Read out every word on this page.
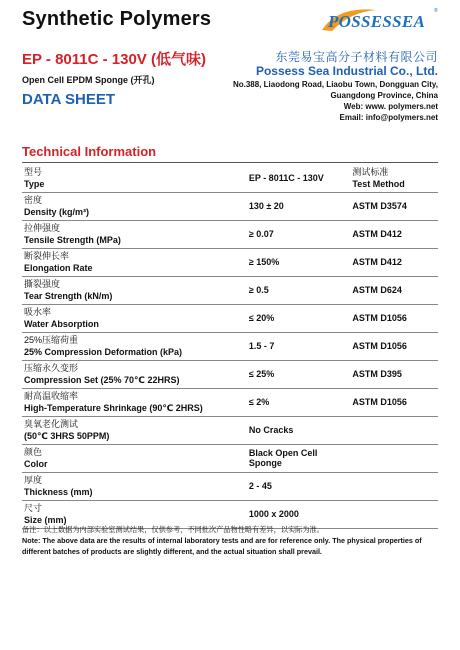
Synthetic Polymers	POSSESSEA
®
EP - 8011C - 130V (低气味)
Open Cell EPDM Sponge (开孔)
DATA SHEET
东莞易宝高分子材料有限公司
Possess Sea Industrial Co., Ltd.
No.388, Liaodong Road, Liaobu Town, Dongguan City,
Guangdong Province, China
Web: www. polymers.net
Email: info@polymers.net
Technical Information
型号
Type	EP - 8011C - 130V	测试标准
Test Method

密度
Density (kg/m³)	130 ± 20	ASTM D3574

拉伸强度
Tensile Strength (MPa)	≥ 0.07	ASTM D412

断裂伸长率
Elongation Rate	≥ 150%	ASTM D412

撕裂强度
Tear Strength (kN/m)	≥ 0.5	ASTM D624

吸水率
Water Absorption	≤ 20%	ASTM D1056

25%压缩荷重
25% Compression Deformation (kPa)	1.5 - 7	ASTM D1056

压缩永久变形
Compression Set (25% 70℃ 22HRS)	≤ 25%	ASTM D395

耐高温收缩率
High-Temperature Shrinkage (90℃ 2HRS)	≤ 2%	ASTM D1056

臭氧老化测试
(50℃ 3HRS 50PPM)	No Cracks	

颜色
Color	Black Open Cell Sponge	

厚度
Thickness (mm)	2 - 45	

尺寸
Size (mm)	1000 x 2000	
备注：以上数据为内部实验室测试结果，仅供参考，不同批次产品物性略有差异，以实际为准。
Note: The above data are the results of internal laboratory tests and are for reference only. The physical properties of different batches of products are slightly different, and the actual situation shall prevail.
